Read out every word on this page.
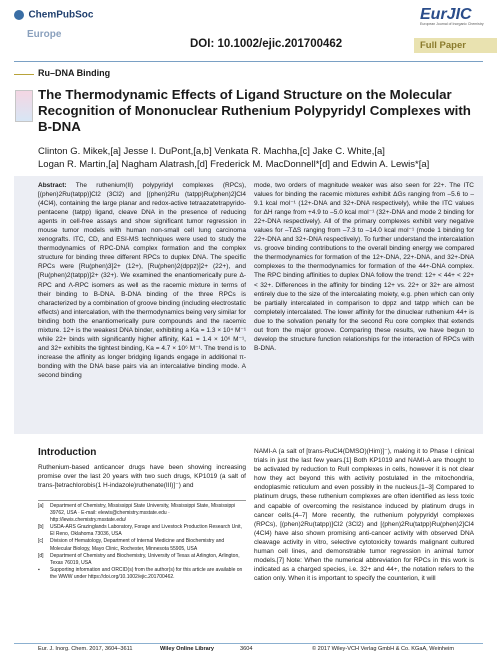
ChemPubSoc
Europe
DOI: 10.1002/ejic.201700462
EurJIC
European Journal of Inorganic Chemistry
Full Paper
Ru–DNA Binding
The Thermodynamic Effects of Ligand Structure on the Molecular Recognition of Mononuclear Ruthenium Polypyridyl Complexes with B-DNA

Clinton G. Mikek,[a] Jesse I. DuPont,[a,b] Venkata R. Machha,[c] Jake C. White,[a]
Logan R. Martin,[a] Nagham Alatrash,[d] Frederick M. MacDonnell*[d] and Edwin A. Lewis*[a]

Abstract: The ruthenium(II) polypyridyl complexes (RPCs), [(phen)2Ru(tatpp)]Cl2 (3Cl2) and [(phen)2Ru (tatpp)Ru(phen)2]Cl4 (4Cl4), containing the large planar and redox-active tetraazatetrapyrido-pentacene (tatpp) ligand, cleave DNA in the presence of reducing agents in cell-free assays and show significant tumor regression in mouse tumor models with human non-small cell lung carcinoma xenografts. ITC, CD, and ESI-MS techniques were used to study the thermodynamics of RPC-DNA complex formation and the complex structure for binding three different RPCs to duplex DNA. The specific RPCs were [Ru(phen)3]2+ (12+), [Ru(phen)2(dppz)]2+ (22+), and [Ru(phen)2(tatpp)]2+ (32+). We examined the enantiomerically pure Δ-RPC and Λ-RPC isomers as well as the racemic mixture in terms of their binding to B-DNA. B-DNA binding of the three RPCs is characterized by a combination of groove binding (including electrostatic effects) and intercalation, with the thermodynamics being very similar for binding both the enantiomerically pure compounds and the racemic mixture. 12+ is the weakest DNA binder, exhibiting a Ka = 1.3 × 10⁴ M⁻¹ while 22+ binds with significantly higher affinity, Ka1 = 1.4 × 10⁶ M⁻¹, and 32+ exhibits the tightest binding, Ka = 4.7 × 10⁶ M⁻¹. The trend is to increase the affinity as longer bridging ligands engage in additional π-bonding with the DNA base pairs via an intercalative binding mode. A second binding

mode, two orders of magnitude weaker was also seen for 22+. The ITC values for binding the racemic mixtures exhibit ΔGs ranging from –5.6 to –9.1 kcal mol⁻¹ (12+-DNA and 32+-DNA respectively), while the ITC values for ΔH range from +4.9 to –5.0 kcal mol⁻¹ (32+-DNA and mode 2 binding for 22+-DNA respectively). All of the primary complexes exhibit very negative values for –TΔS ranging from –7.3 to –14.0 kcal mol⁻¹ (mode 1 binding for 22+-DNA and 32+-DNA respectively). To further understand the intercalation vs. groove binding contributions to the overall binding energy we compared the thermodynamics for formation of the 12+-DNA, 22+-DNA, and 32+-DNA complexes to the thermodynamics for formation of the 44+-DNA complex. The RPC binding affinities to duplex DNA follow the trend: 12+ < 44+ < 22+ < 32+. Differences in the affinity for binding 12+ vs. 22+ or 32+ are almost entirely due to the size of the intercalating moiety, e.g. phen which can only be partially intercalated in comparison to dppz and tatpp which can be completely intercalated. The lower affinity for the dinuclear ruthenium 44+ is due to the solvation penalty for the second Ru core complex that extends out from the major groove. Comparing these results, we have begun to develop the structure function relationships for the interaction of RPCs with B-DNA.

Introduction

Ruthenium-based anticancer drugs have been showing increasing promise over the last 20 years with two such drugs, KP1019 (a salt of trans-[tetrachlorobis(1 H-indazole)ruthenate(III)]⁻) and

NAMI-A (a salt of [trans-RuCl4(DMSO)(Him)]⁻), making it to Phase I clinical trials in just the last few years.[1] Both KP1019 and NAMI-A are thought to be activated by reduction to RuII complexes in cells, however it is not clear how they act beyond this with activity postulated in the mitochondria, endoplasmic reticulum and even possibly in the nucleus.[1–3] Compared to platinum drugs, these ruthenium complexes are often identified as less toxic and capable of overcoming the resistance induced by platinum drugs in cancer cells.[4–7] More recently, the ruthenium polypyridyl complexes (RPCs), [(phen)2Ru(tatpp)]Cl2 (3Cl2) and [(phen)2Ru(tatpp)Ru(phen)2]Cl4 (4Cl4) have also shown promising anti-cancer activity with observed DNA cleavage activity in vitro, selective cytotoxicity towards malignant cultured human cell lines, and demonstrable tumor regression in animal tumor models.[7] Note: When the numerical abbreviation for RPCs in this work is indicated as a charged species, i.e. 32+ and 44+, the notation refers to the cation only. When it is important to specify the counterion, it will

[a] Department of Chemistry, Mississippi State University, Mississippi State, Mississippi 39762, USA · E-mail: elewis@chemistry.msstate.edu · http://lewis.chemistry.msstate.edu/
[b] USDA-ARS Grazinglands Laboratory, Forage and Livestock Production Research Unit, El Reno, Oklahoma 73036, USA
[c] Division of Hematology, Department of Internal Medicine and Biochemistry and Molecular Biology, Mayo Clinic, Rochester, Minnesota 55905, USA
[d] Department of Chemistry and Biochemistry, University of Texas at Arlington, Arlington, Texas 76019, USA
▪ Supporting information and ORCID(s) from the author(s) for this article are available on the WWW under https://doi.org/10.1002/ejic.201700462.
Eur. J. Inorg. Chem. 2017, 3604–3611	Wiley Online Library	3604	© 2017 Wiley-VCH Verlag GmbH & Co. KGaA, Weinheim
